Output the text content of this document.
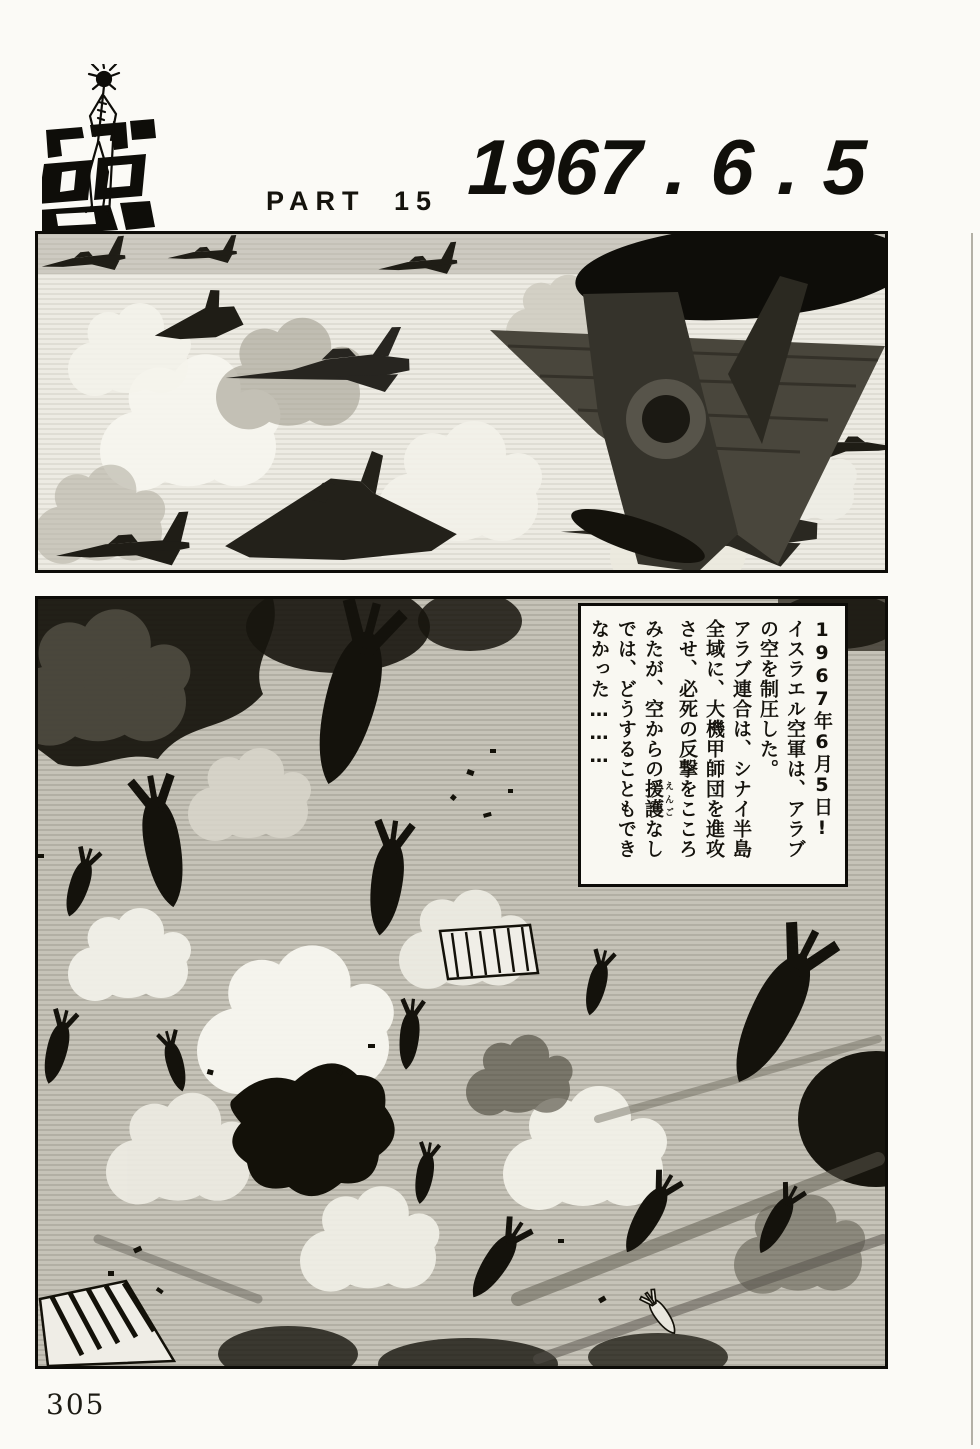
PART 15 1967 . 6 . 5
1967年6月5日!
イスラエル空軍は、アラブ
の空を制圧した。
アラブ連合は、シナイ半島
全域に、大機甲師団を進攻
させ、必死の反撃をこころ
みたが、空からの援護 えんごなし
では、どうすることもでき
なかった………
305
